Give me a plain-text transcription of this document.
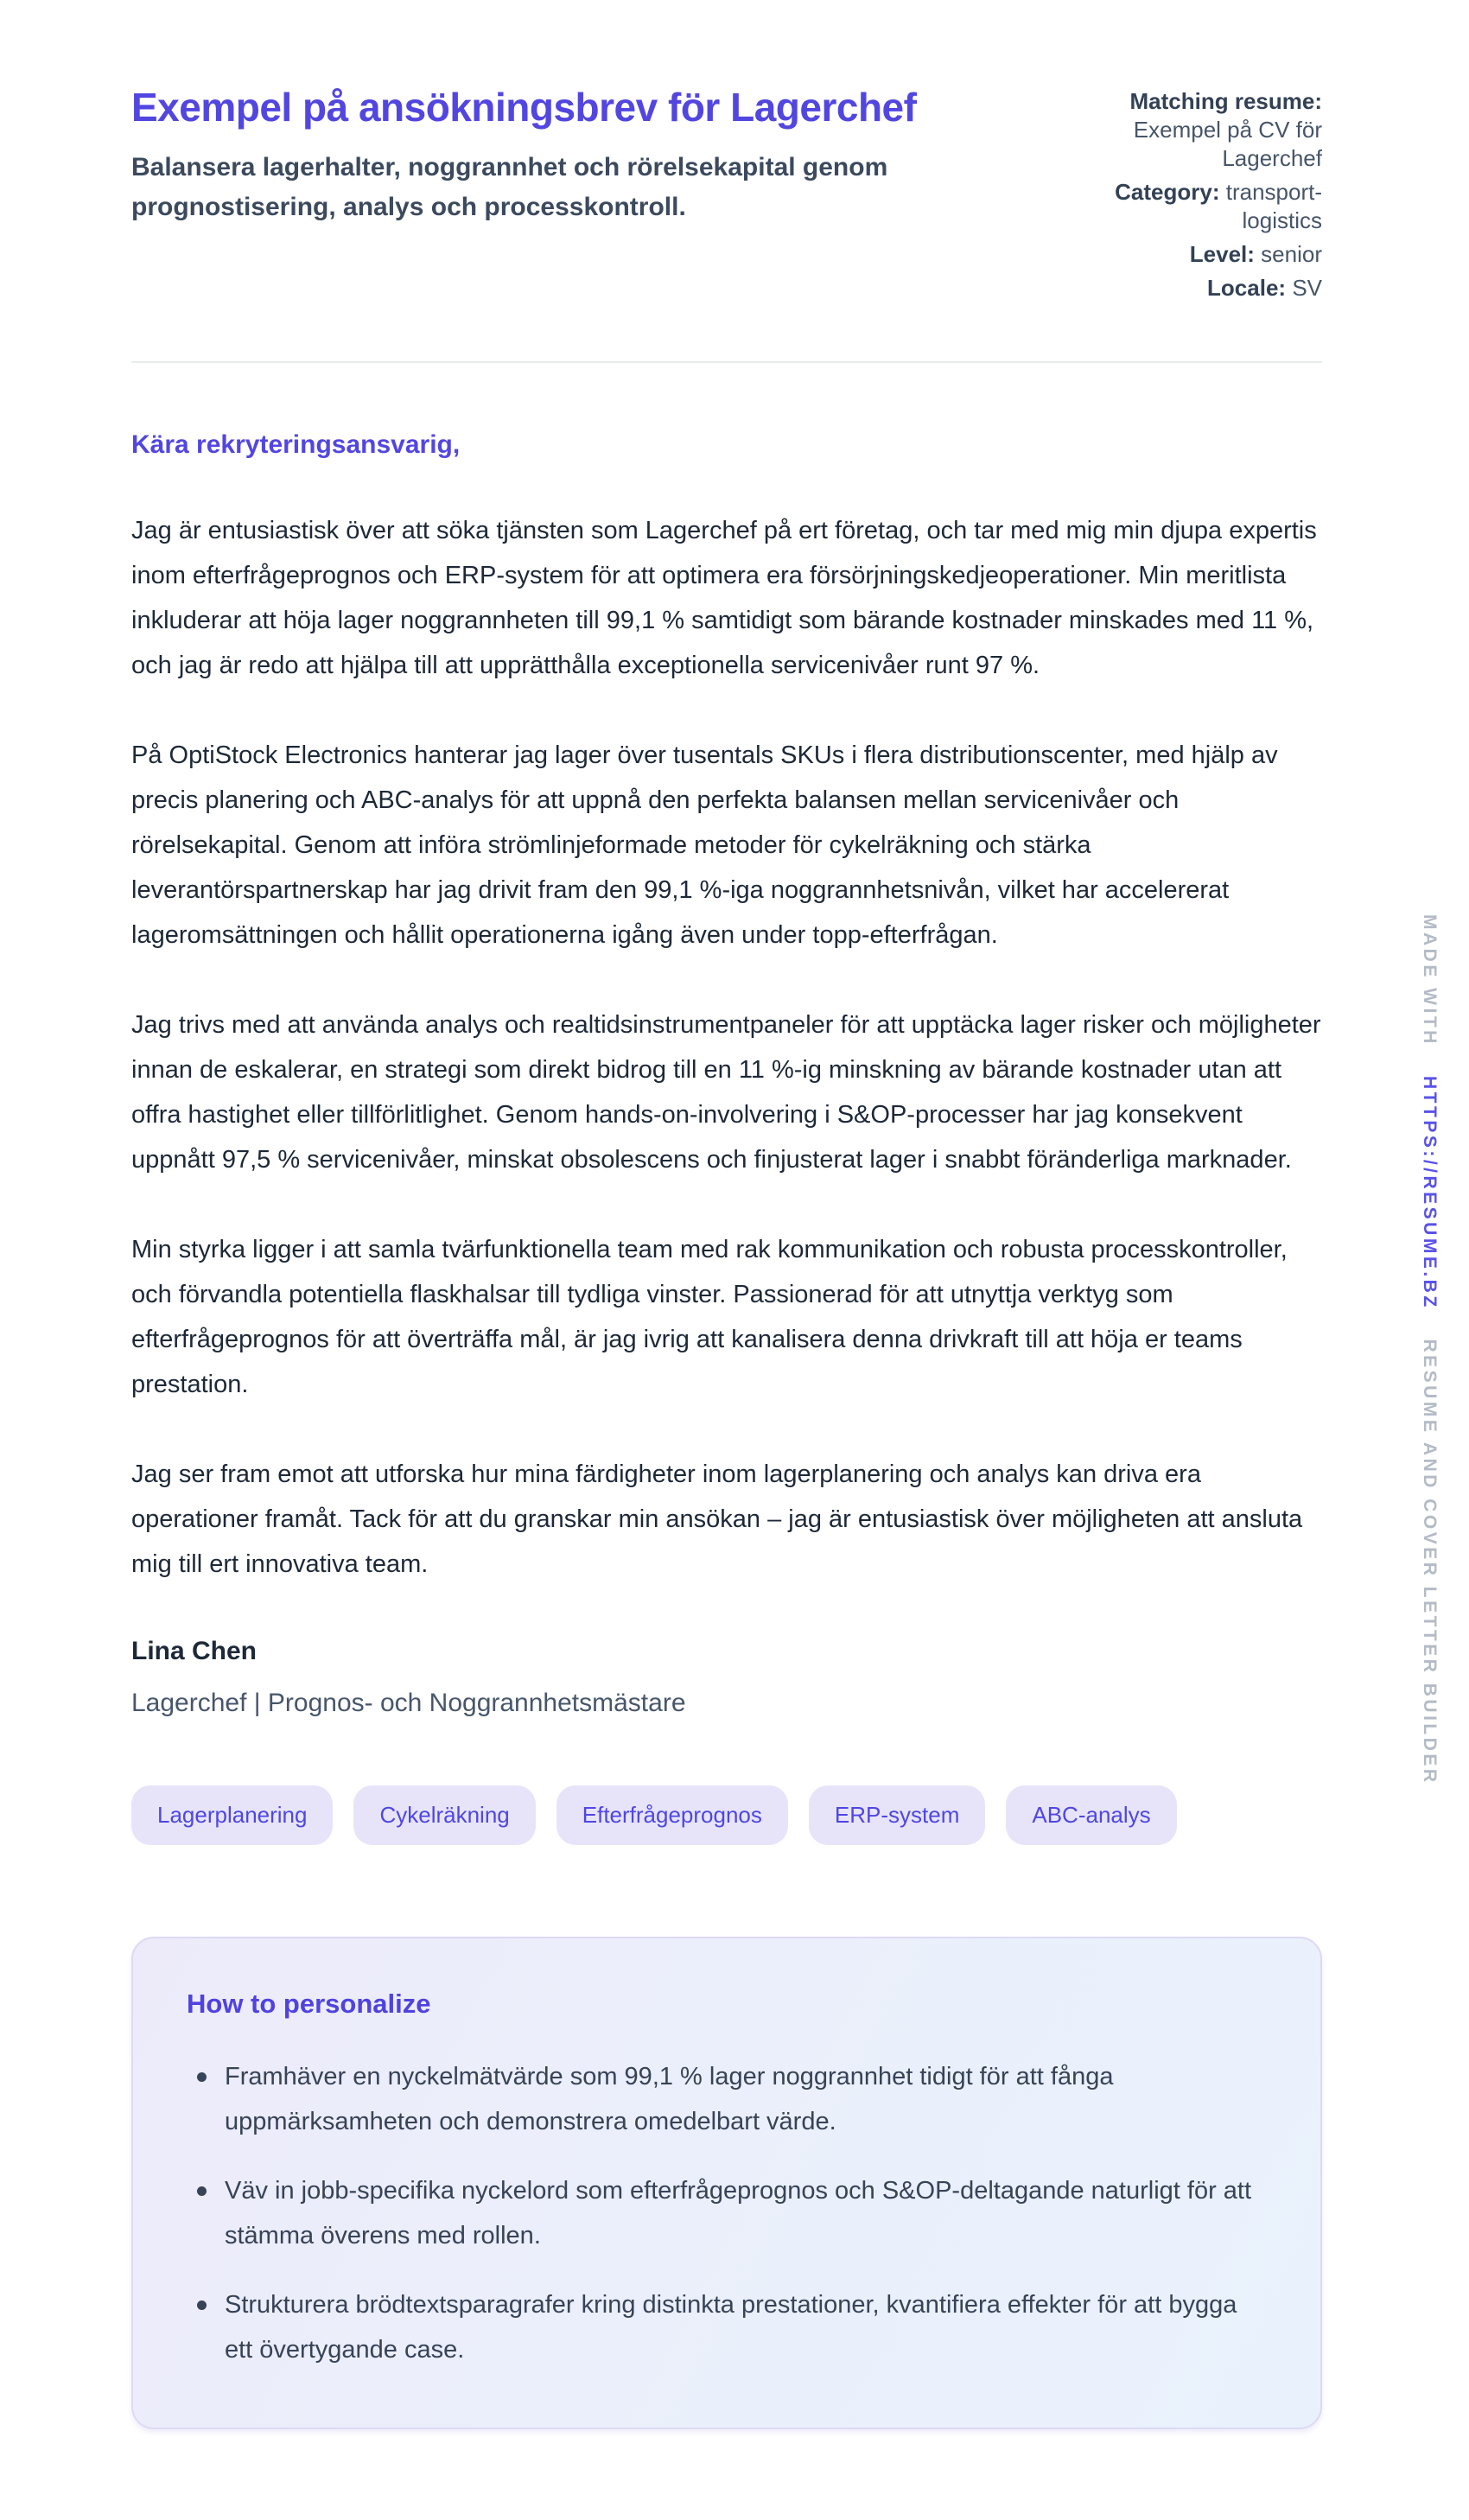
Exempel på ansökningsbrev för Lagerchef

Balansera lagerhalter, noggrannhet och rörelsekapital genom prognostisering, analys och processkontroll.

Matching resume: Exempel på CV för Lagerchef
Category: transport-logistics
Level: senior
Locale: SV

Kära rekryteringsansvarig,

Jag är entusiastisk över att söka tjänsten som Lagerchef på ert företag, och tar med mig min djupa expertis inom efterfrågeprognos och ERP-system för att optimera era försörjningskedjeoperationer. Min meritlista inkluderar att höja lager noggrannheten till 99,1 % samtidigt som bärande kostnader minskades med 11 %, och jag är redo att hjälpa till att upprätthålla exceptionella servicenivåer runt 97 %.

På OptiStock Electronics hanterar jag lager över tusentals SKUs i flera distributionscenter, med hjälp av precis planering och ABC-analys för att uppnå den perfekta balansen mellan servicenivåer och rörelsekapital. Genom att införa strömlinjeformade metoder för cykelräkning och stärka leverantörspartnerskap har jag drivit fram den 99,1 %-iga noggrannhetsnivån, vilket har accelererat lageromsättningen och hållit operationerna igång även under topp-efterfrågan.

Jag trivs med att använda analys och realtidsinstrumentpaneler för att upptäcka lager risker och möjligheter innan de eskalerar, en strategi som direkt bidrog till en 11 %-ig minskning av bärande kostnader utan att offra hastighet eller tillförlitlighet. Genom hands-on-involvering i S&OP-processer har jag konsekvent uppnått 97,5 % servicenivåer, minskat obsolescens och finjusterat lager i snabbt föränderliga marknader.

Min styrka ligger i att samla tvärfunktionella team med rak kommunikation och robusta processkontroller, och förvandla potentiella flaskhalsar till tydliga vinster. Passionerad för att utnyttja verktyg som efterfrågeprognos för att överträffa mål, är jag ivrig att kanalisera denna drivkraft till att höja er teams prestation.

Jag ser fram emot att utforska hur mina färdigheter inom lagerplanering och analys kan driva era operationer framåt. Tack för att du granskar min ansökan – jag är entusiastisk över möjligheten att ansluta mig till ert innovativa team.

Lina Chen

Lagerchef | Prognos- och Noggrannhetsmästare

Lagerplanering	Cykelräkning	Efterfrågeprognos	ERP-system	ABC-analys
How to personalize
Framhäver en nyckelmätvärde som 99,1 % lager noggrannhet tidigt för att fånga uppmärksamheten och demonstrera omedelbart värde.
Väv in jobb-specifika nyckelord som efterfrågeprognos och S&OP-deltagande naturligt för att stämma överens med rollen.
Strukturera brödtextsparagrafer kring distinkta prestationer, kvantifiera effekter för att bygga ett övertygande case.
MADE WITHHTTPS://RESUME.BZRESUME AND COVER LETTER BUILDER
